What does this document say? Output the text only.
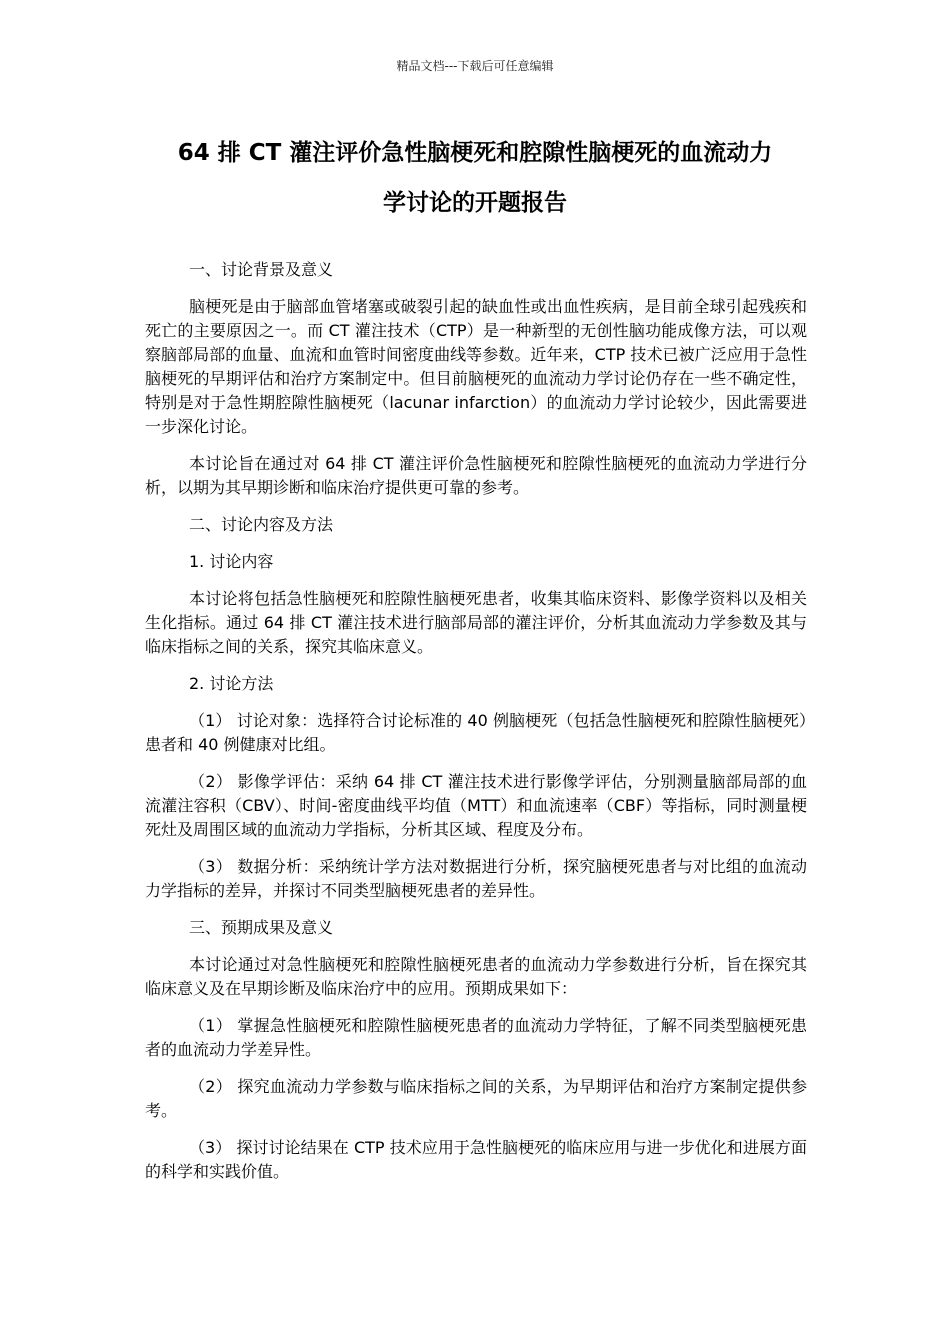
精品文档---下载后可任意编辑
64 排 CT 灌注评价急性脑梗死和腔隙性脑梗死的血流动力
学讨论的开题报告

一、讨论背景及意义

脑梗死是由于脑部血管堵塞或破裂引起的缺血性或出血性疾病，是目前全球引起残疾和死亡的主要原因之一。而 CT 灌注技术（CTP）是一种新型的无创性脑功能成像方法，可以观察脑部局部的血量、血流和血管时间密度曲线等参数。近年来，CTP 技术已被广泛应用于急性脑梗死的早期评估和治疗方案制定中。但目前脑梗死的血流动力学讨论仍存在一些不确定性，特别是对于急性期腔隙性脑梗死（lacunar infarction）的血流动力学讨论较少，因此需要进一步深化讨论。

本讨论旨在通过对 64 排 CT 灌注评价急性脑梗死和腔隙性脑梗死的血流动力学进行分析，以期为其早期诊断和临床治疗提供更可靠的参考。

二、讨论内容及方法

1. 讨论内容

本讨论将包括急性脑梗死和腔隙性脑梗死患者，收集其临床资料、影像学资料以及相关生化指标。通过 64 排 CT 灌注技术进行脑部局部的灌注评价，分析其血流动力学参数及其与临床指标之间的关系，探究其临床意义。

2. 讨论方法

（1） 讨论对象：选择符合讨论标准的 40 例脑梗死（包括急性脑梗死和腔隙性脑梗死）患者和 40 例健康对比组。

（2） 影像学评估：采纳 64 排 CT 灌注技术进行影像学评估，分别测量脑部局部的血流灌注容积（CBV）、时间-密度曲线平均值（MTT）和血流速率（CBF）等指标，同时测量梗死灶及周围区域的血流动力学指标，分析其区域、程度及分布。

（3） 数据分析：采纳统计学方法对数据进行分析，探究脑梗死患者与对比组的血流动力学指标的差异，并探讨不同类型脑梗死患者的差异性。

三、预期成果及意义

本讨论通过对急性脑梗死和腔隙性脑梗死患者的血流动力学参数进行分析，旨在探究其临床意义及在早期诊断及临床治疗中的应用。预期成果如下：

（1） 掌握急性脑梗死和腔隙性脑梗死患者的血流动力学特征，了解不同类型脑梗死患者的血流动力学差异性。

（2） 探究血流动力学参数与临床指标之间的关系，为早期评估和治疗方案制定提供参考。

（3） 探讨讨论结果在 CTP 技术应用于急性脑梗死的临床应用与进一步优化和进展方面的科学和实践价值。
